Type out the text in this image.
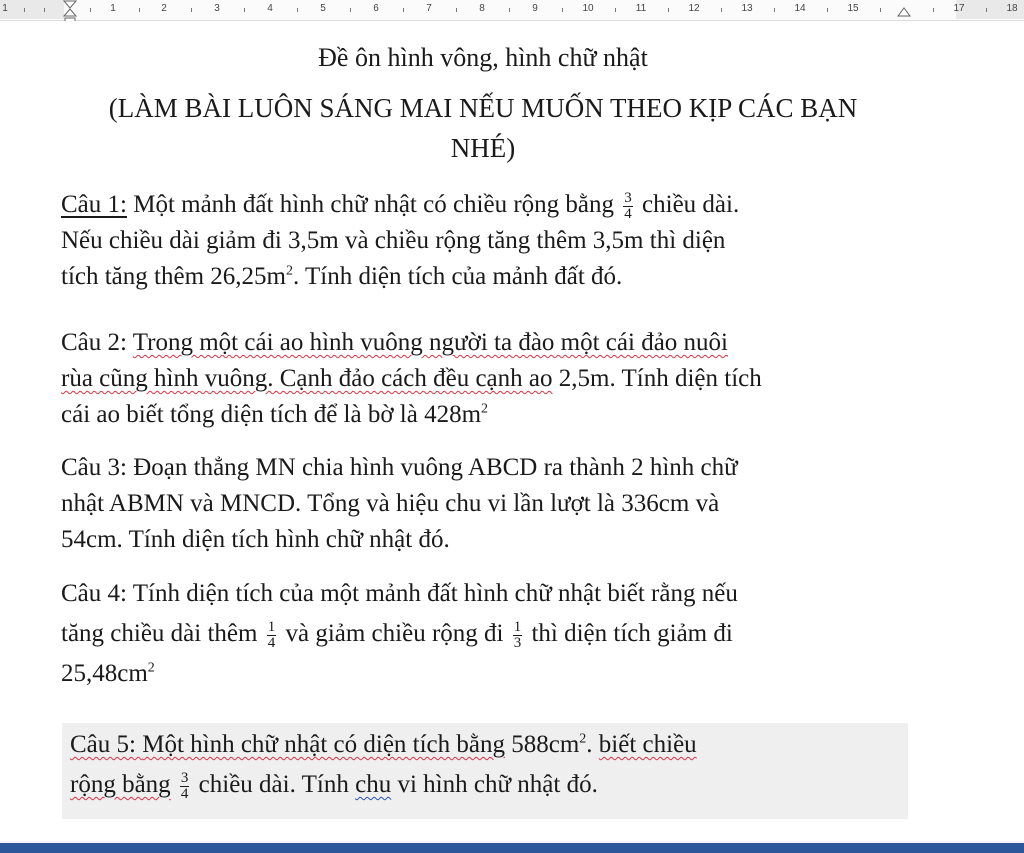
1	1	2	3	4	5	6	7	8	9	10	11	12	13	14	15	17	18
Đề ôn hình vông, hình chữ nhật
(LÀM BÀI LUÔN SÁNG MAI NẾU MUỐN THEO KỊP CÁC BẠN
NHÉ)
Câu 1: Một mảnh đất hình chữ nhật có chiều rộng bằng $\frac{3}{4}$ chiều dài.
Nếu chiều dài giảm đi 3,5m và chiều rộng tăng thêm 3,5m thì diện
tích tăng thêm $26,25m^2$. Tính diện tích của mảnh đất đó.
Câu 2: Trong một cái ao hình vuông người ta đào một cái đảo nuôi
rùa cũng hình vuông. Cạnh đảo cách đều cạnh ao 2,5m. Tính diện tích
cái ao biết tổng diện tích để là bờ là $428m^2$
Câu 3: Đoạn thẳng MN chia hình vuông ABCD ra thành 2 hình chữ
nhật ABMN và MNCD. Tổng và hiệu chu vi lần lượt là 336cm và
54cm. Tính diện tích hình chữ nhật đó.
Câu 4: Tính diện tích của một mảnh đất hình chữ nhật biết rằng nếu
tăng chiều dài thêm $\frac{1}{4}$ và giảm chiều rộng đi $\frac{1}{3}$ thì diện tích giảm đi
$25,48cm^2$
Câu 5: Một hình chữ nhật có diện tích bằng $588cm^2$. biết chiều
rộng bằng $\frac{3}{4}$ chiều dài. Tính chu vi hình chữ nhật đó.
